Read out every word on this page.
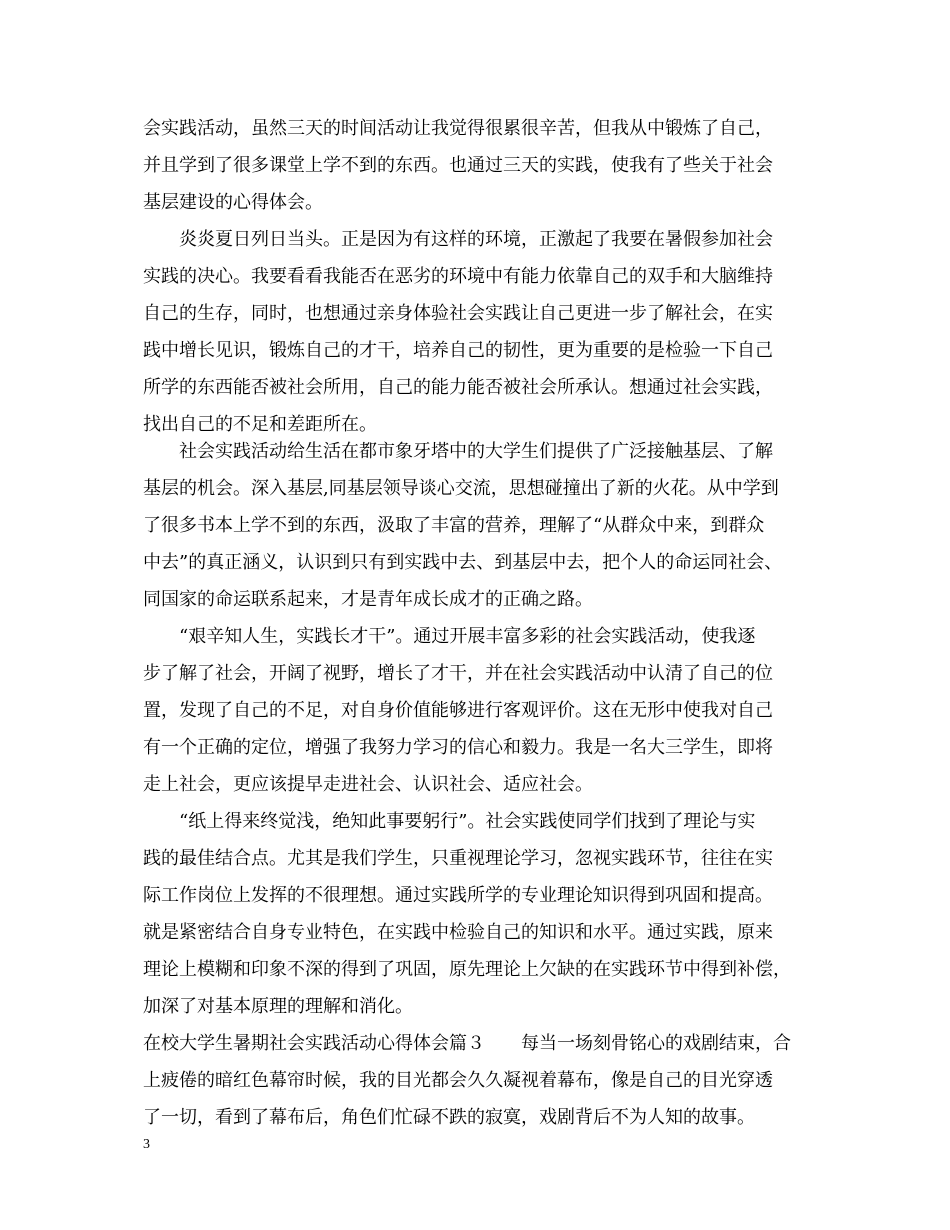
会实践活动，虽然三天的时间活动让我觉得很累很辛苦，但我从中锻炼了自己，
并且学到了很多课堂上学不到的东西。也通过三天的实践，使我有了些关于社会
基层建设的心得体会。
　　炎炎夏日列日当头。正是因为有这样的环境，正激起了我要在暑假参加社会
实践的决心。我要看看我能否在恶劣的环境中有能力依靠自己的双手和大脑维持
自己的生存，同时，也想通过亲身体验社会实践让自己更进一步了解社会，在实
践中增长见识，锻炼自己的才干，培养自己的韧性，更为重要的是检验一下自己
所学的东西能否被社会所用，自己的能力能否被社会所承认。想通过社会实践，
找出自己的不足和差距所在。
　　社会实践活动给生活在都市象牙塔中的大学生们提供了广泛接触基层、了解
基层的机会。深入基层,同基层领导谈心交流，思想碰撞出了新的火花。从中学到
了很多书本上学不到的东西，汲取了丰富的营养，理解了“从群众中来，到群众
中去”的真正涵义，认识到只有到实践中去、到基层中去，把个人的命运同社会、
同国家的命运联系起来，才是青年成长成才的正确之路。
　　“艰辛知人生，实践长才干”。通过开展丰富多彩的社会实践活动，使我逐
步了解了社会，开阔了视野，增长了才干，并在社会实践活动中认清了自己的位
置，发现了自己的不足，对自身价值能够进行客观评价。这在无形中使我对自己
有一个正确的定位，增强了我努力学习的信心和毅力。我是一名大三学生，即将
走上社会，更应该提早走进社会、认识社会、适应社会。
　　“纸上得来终觉浅，绝知此事要躬行”。社会实践使同学们找到了理论与实
践的最佳结合点。尤其是我们学生，只重视理论学习，忽视实践环节，往往在实
际工作岗位上发挥的不很理想。通过实践所学的专业理论知识得到巩固和提高。
就是紧密结合自身专业特色，在实践中检验自己的知识和水平。通过实践，原来
理论上模糊和印象不深的得到了巩固，原先理论上欠缺的在实践环节中得到补偿，
加深了对基本原理的理解和消化。
在校大学生暑期社会实践活动心得体会篇３　　每当一场刻骨铭心的戏剧结束，合
上疲倦的暗红色幕帘时候，我的目光都会久久凝视着幕布，像是自己的目光穿透
了一切，看到了幕布后，角色们忙碌不跌的寂寞，戏剧背后不为人知的故事。
3
